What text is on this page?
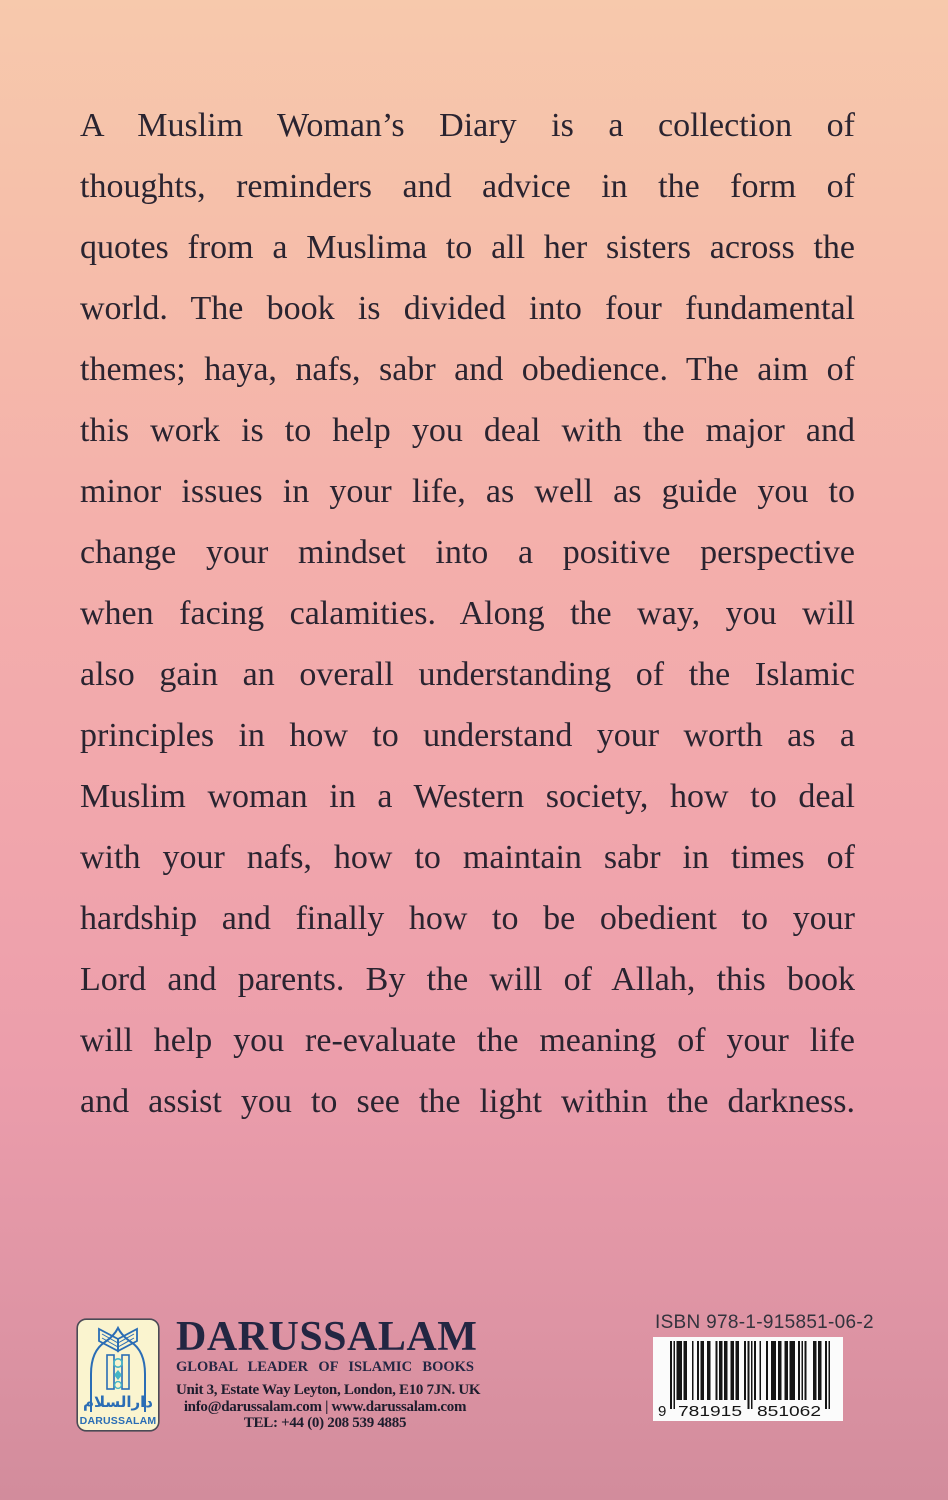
A Muslim Woman’s Diary is a collection of
thoughts, reminders and advice in the form of
quotes from a Muslima to all her sisters across the
world. The book is divided into four fundamental
themes; haya, nafs, sabr and obedience. The aim of
this work is to help you deal with the major and
minor issues in your life, as well as guide you to
change your mindset into a positive perspective
when facing calamities. Along the way, you will
also gain an overall understanding of the Islamic
principles in how to understand your worth as a
Muslim woman in a Western society, how to deal
with your nafs, how to maintain sabr in times of
hardship and finally how to be obedient to your
Lord and parents. By the will of Allah, this book
will help you re-evaluate the meaning of your life
and assist you to see the light within the darkness.
دارالسلام
DARUSSALAM
DARUSSALAM
GLOBAL LEADER OF ISLAMIC BOOKS
Unit 3, Estate Way Leyton, London, E10 7JN. UK
info@darussalam.com | www.darussalam.com
TEL: +44 (0) 208 539 4885
ISBN 978-1-915851-06-2
9 781915 851062
